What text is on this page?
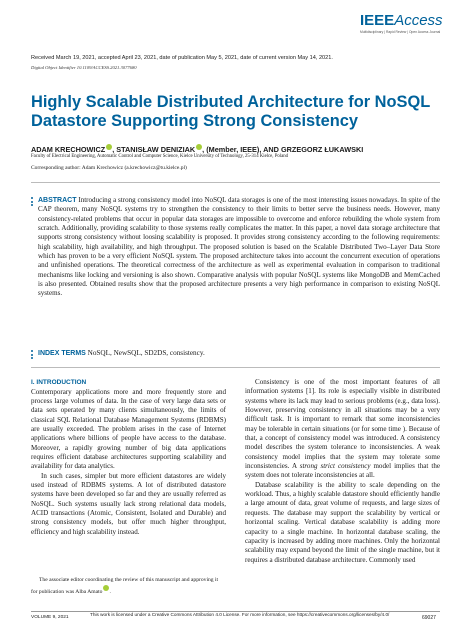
IEEEAccess
Multidisciplinary | Rapid Review | Open Access Journal
Received March 19, 2021, accepted April 23, 2021, date of publication May 5, 2021, date of current version May 14, 2021.
Digital Object Identifier 10.1109/ACCESS.2021.3077680
Highly Scalable Distributed Architecture for NoSQL Datastore Supporting Strong Consistency
ADAM KRECHOWICZ , STANISŁAW DENIZIAK , (Member, IEEE), AND GRZEGORZ ŁUKAWSKI
Faculty of Electrical Engineering, Automatic Control and Computer Science, Kielce University of Technology, 25-314 Kielce, Poland
Corresponding author: Adam Krechowicz (a.krechowicz@tu.kielce.pl)
ABSTRACT Introducing a strong consistency model into NoSQL data storages is one of the most interesting issues nowadays. In spite of the CAP theorem, many NoSQL systems try to strengthen the consistency to their limits to better serve the business needs. However, many consistency-related problems that occur in popular data storages are impossible to overcome and enforce rebuilding the whole system from scratch. Additionally, providing scalability to those systems really complicates the matter. In this paper, a novel data storage architecture that supports strong consistency without loosing scalability is proposed. It provides strong consistency according to the following requirements: high scalability, high availability, and high throughput. The proposed solution is based on the Scalable Distributed Two–Layer Data Store which has proven to be a very efficient NoSQL system. The proposed architecture takes into account the concurrent execution of operations and unfinished operations. The theoretical correctness of the architecture as well as experimental evaluation in comparison to traditional mechanisms like locking and versioning is also shown. Comparative analysis with popular NoSQL systems like MongoDB and MemCached is also presented. Obtained results show that the proposed architecture presents a very high performance in comparison to existing NoSQL systems.
INDEX TERMS NoSQL, NewSQL, SD2DS, consistency.
I. INTRODUCTION

Contemporary applications more and more frequently store and process large volumes of data. In the case of very large data sets or data sets operated by many clients simultaneously, the limits of classical SQL Relational Database Management Systems (RDBMS) are usually exceeded. The problem arises in the case of Internet applications where billions of people have access to the database. Moreover, a rapidly growing number of big data applications requires efficient database architectures supporting scalability and availability for data analytics.

In such cases, simpler but more efficient datastores are widely used instead of RDBMS systems. A lot of distributed datastore systems have been developed so far and they are usually referred as NoSQL. Such systems usually lack strong relational data models, ACID transactions (Atomic, Consistent, Isolated and Durable) and strong consistency models, but offer much higher throughput, efficiency and high scalability instead.

Consistency is one of the most important features of all information systems [1]. Its role is especially visible in distributed systems where its lack may lead to serious problems (e.g., data loss). However, preserving consistency in all situations may be a very difficult task. It is important to remark that some inconsistencies may be tolerable in certain situations (or for some time ). Because of that, a concept of consistency model was introduced. A consistency model describes the system tolerance to inconsistencies. A weak consistency model implies that the system may tolerate some inconsistencies. A strong strict consistency model implies that the system does not tolerate inconsistencies at all.

Database scalability is the ability to scale depending on the workload. Thus, a highly scalable datastore should efficiently handle a large amount of data, great volume of requests, and large sizes of requests. The database may support the scalability by vertical or horizontal scaling. Vertical database scalability is adding more capacity to a single machine. In horizontal database scaling, the capacity is increased by adding more machines. Only the horizontal scalability may expand beyond the limit of the single machine, but it requires a distributed database architecture. Commonly used

The associate editor coordinating the review of this manuscript and approving it for publication was Alba Amato .
VOLUME 9, 2021
This work is licensed under a Creative Commons Attribution 4.0 License. For more information, see https://creativecommons.org/licenses/by/4.0/
69027
